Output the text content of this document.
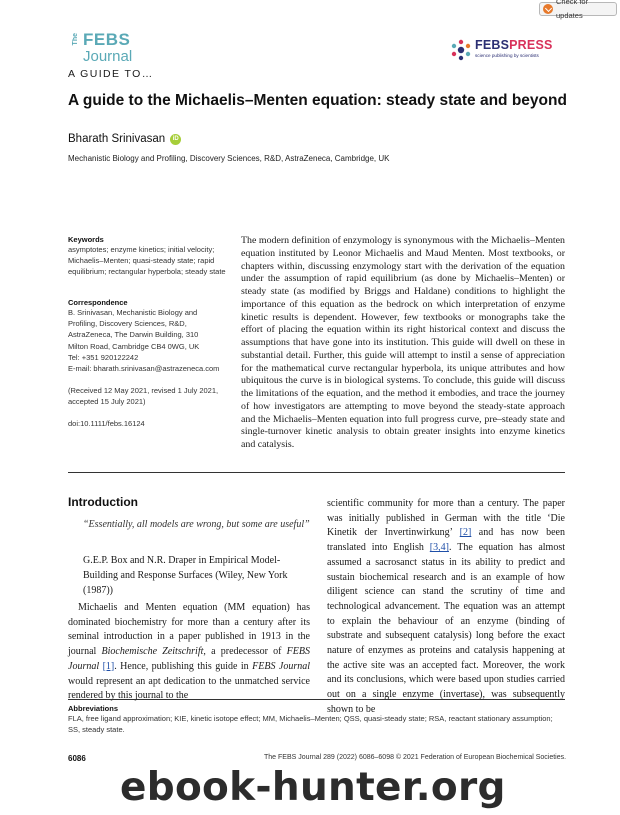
Check for updates
The FEBS
Journal
FEBSPRESS
science publishing by scientists
A GUIDE TO…
A guide to the Michaelis–Menten equation: steady state and beyond
Bharath Srinivasan	iD
Mechanistic Biology and Profiling, Discovery Sciences, R&D, AstraZeneca, Cambridge, UK
Keywords
asymptotes; enzyme kinetics; initial velocity; Michaelis–Menten; quasi-steady state; rapid equilibrium; rectangular hyperbola; steady state
Correspondence
B. Srinivasan, Mechanistic Biology and
Profiling, Discovery Sciences, R&D,
AstraZeneca, The Darwin Building, 310
Milton Road, Cambridge CB4 0WG, UK
Tel: +351 920122242
E-mail: bharath.srinivasan@astrazeneca.com
(Received 12 May 2021, revised 1 July 2021, accepted 15 July 2021)
doi:10.1111/febs.16124
The modern definition of enzymology is synonymous with the Michaelis–Menten equation instituted by Leonor Michaelis and Maud Menten. Most textbooks, or chapters within, discussing enzymology start with the derivation of the equation under the assumption of rapid equilibrium (as done by Michaelis–Menten) or steady state (as modified by Briggs and Haldane) conditions to highlight the importance of this equation as the bedrock on which interpretation of enzyme kinetic results is dependent. However, few textbooks or monographs take the effort of placing the equation within its right historical context and discuss the assumptions that have gone into its institution. This guide will dwell on these in substantial detail. Further, this guide will attempt to instil a sense of appreciation for the mathematical curve rectangular hyperbola, its unique attributes and how ubiquitous the curve is in biological systems. To conclude, this guide will discuss the limitations of the equation, and the method it embodies, and trace the journey of how investigators are attempting to move beyond the steady-state approach and the Michaelis–Menten equation into full progress curve, pre–steady state and single-turnover kinetic analysis to obtain greater insights into enzyme kinetics and catalysis.
Introduction
“Essentially, all models are wrong, but some are useful”
G.E.P. Box and N.R. Draper in Empirical Model-Building and Response Surfaces (Wiley, New York (1987))
Michaelis and Menten equation (MM equation) has dominated biochemistry for more than a century after its seminal introduction in a paper published in 1913 in the journal Biochemische Zeitschrift, a predecessor of FEBS Journal [1]. Hence, publishing this guide in FEBS Journal would represent an apt dedication to the unmatched service rendered by this journal to the
scientific community for more than a century. The paper was initially published in German with the title ‘Die Kinetik der Invertinwirkung’ [2] and has now been translated into English [3,4]. The equation has almost assumed a sacrosanct status in its ability to predict and sustain biochemical research and is an example of how diligent science can stand the scrutiny of time and technological advancement. The equation was an attempt to explain the behaviour of an enzyme (binding of substrate and subsequent catalysis) long before the exact nature of enzymes as proteins and catalysis happening at the active site was an accepted fact. Moreover, the work and its conclusions, which were based upon studies carried out on a single enzyme (invertase), was subsequently shown to be
Abbreviations
FLA, free ligand approximation; KIE, kinetic isotope effect; MM, Michaelis–Menten; QSS, quasi-steady state; RSA, reactant stationary assumption; SS, steady state.
6086	The FEBS Journal 289 (2022) 6086–6098 © 2021 Federation of European Biochemical Societies.
ebook-hunter.org
